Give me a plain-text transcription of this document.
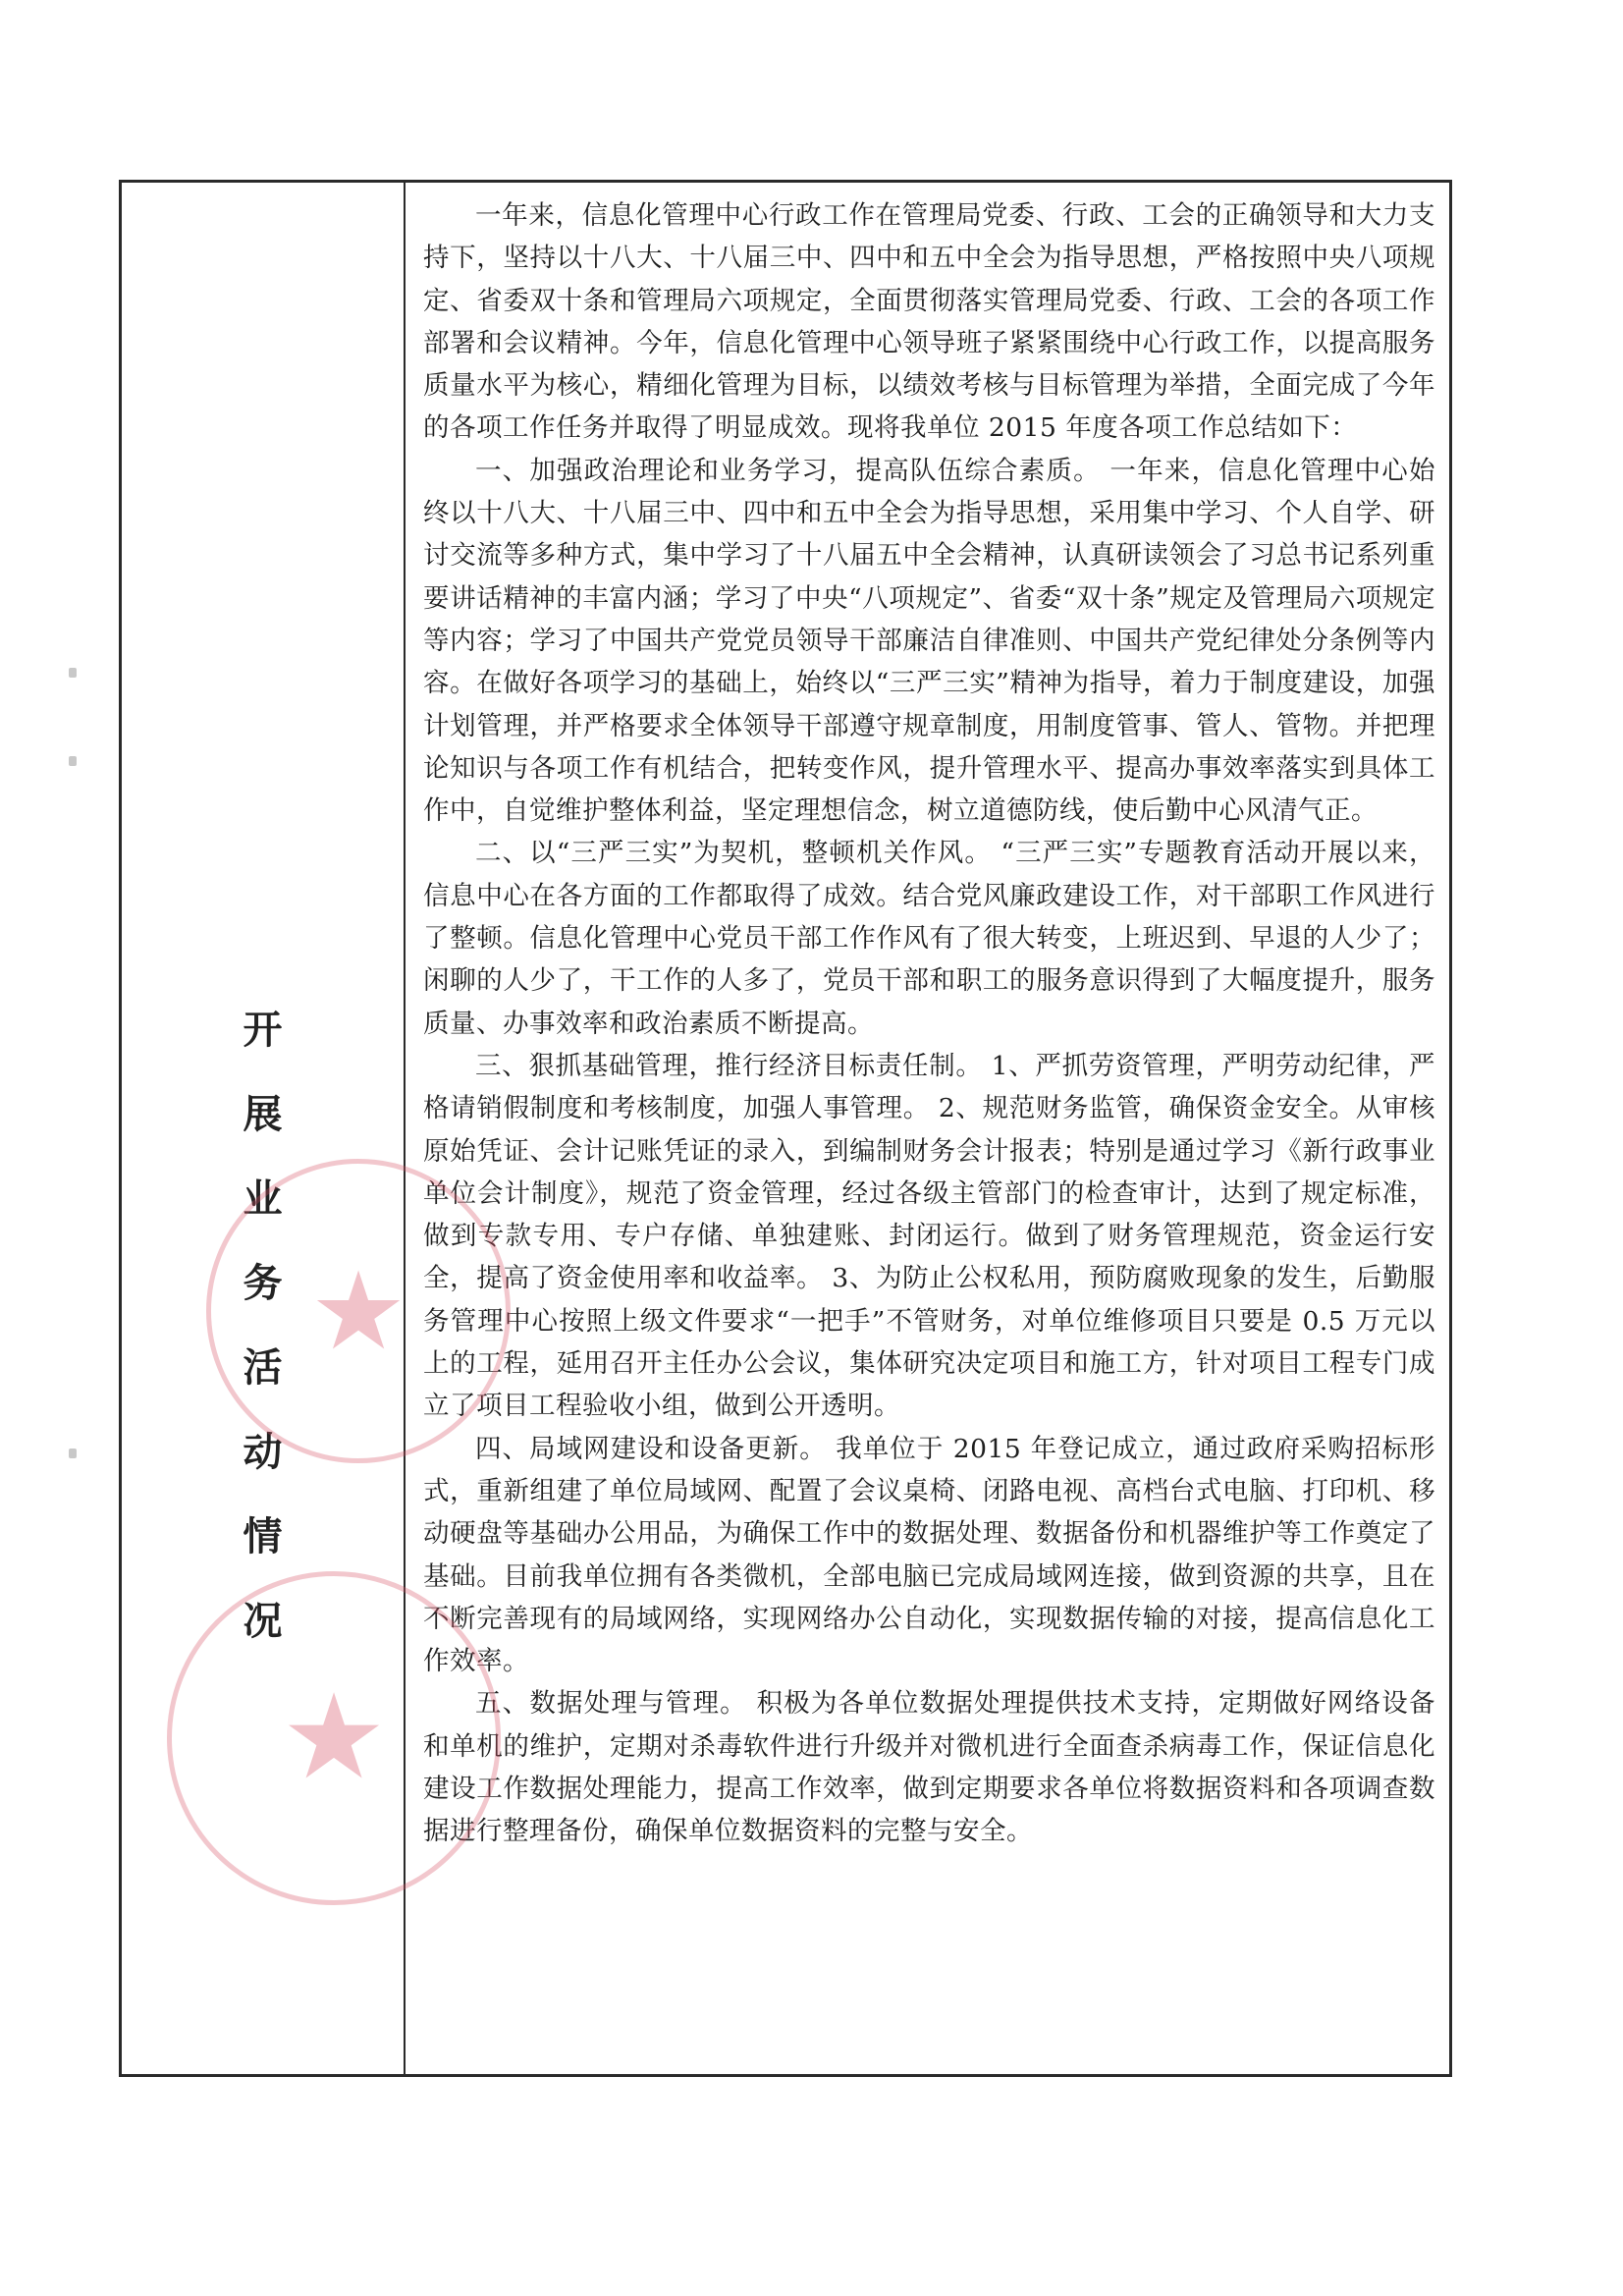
开
展
业
务
活
动
情
况

一年来，信息化管理中心行政工作在管理局党委、行政、工会的正确领导和大力支持下，坚持以十八大、十八届三中、四中和五中全会为指导思想，严格按照中央八项规定、省委双十条和管理局六项规定，全面贯彻落实管理局党委、行政、工会的各项工作部署和会议精神。今年，信息化管理中心领导班子紧紧围绕中心行政工作，以提高服务质量水平为核心，精细化管理为目标，以绩效考核与目标管理为举措，全面完成了今年的各项工作任务并取得了明显成效。现将我单位 2015 年度各项工作总结如下：

一、加强政治理论和业务学习，提高队伍综合素质。 一年来，信息化管理中心始终以十八大、十八届三中、四中和五中全会为指导思想，采用集中学习、个人自学、研讨交流等多种方式，集中学习了十八届五中全会精神，认真研读领会了习总书记系列重要讲话精神的丰富内涵；学习了中央“八项规定”、省委“双十条”规定及管理局六项规定等内容；学习了中国共产党党员领导干部廉洁自律准则、中国共产党纪律处分条例等内容。在做好各项学习的基础上，始终以“三严三实”精神为指导，着力于制度建设，加强计划管理，并严格要求全体领导干部遵守规章制度，用制度管事、管人、管物。并把理论知识与各项工作有机结合，把转变作风，提升管理水平、提高办事效率落实到具体工作中，自觉维护整体利益，坚定理想信念，树立道德防线，使后勤中心风清气正。

二、以“三严三实”为契机，整顿机关作风。 “三严三实”专题教育活动开展以来，信息中心在各方面的工作都取得了成效。结合党风廉政建设工作，对干部职工作风进行了整顿。信息化管理中心党员干部工作作风有了很大转变，上班迟到、早退的人少了；闲聊的人少了，干工作的人多了，党员干部和职工的服务意识得到了大幅度提升，服务质量、办事效率和政治素质不断提高。

三、狠抓基础管理，推行经济目标责任制。 1、严抓劳资管理，严明劳动纪律，严格请销假制度和考核制度，加强人事管理。 2、规范财务监管，确保资金安全。从审核原始凭证、会计记账凭证的录入，到编制财务会计报表；特别是通过学习《新行政事业单位会计制度》，规范了资金管理，经过各级主管部门的检查审计，达到了规定标准，做到专款专用、专户存储、单独建账、封闭运行。做到了财务管理规范，资金运行安全，提高了资金使用率和收益率。 3、为防止公权私用，预防腐败现象的发生，后勤服务管理中心按照上级文件要求“一把手”不管财务，对单位维修项目只要是 0.5 万元以上的工程，延用召开主任办公会议，集体研究决定项目和施工方，针对项目工程专门成立了项目工程验收小组，做到公开透明。

四、局域网建设和设备更新。 我单位于 2015 年登记成立，通过政府采购招标形式，重新组建了单位局域网、配置了会议桌椅、闭路电视、高档台式电脑、打印机、移动硬盘等基础办公用品，为确保工作中的数据处理、数据备份和机器维护等工作奠定了基础。目前我单位拥有各类微机，全部电脑已完成局域网连接，做到资源的共享，且在不断完善现有的局域网络，实现网络办公自动化，实现数据传输的对接，提高信息化工作效率。

五、数据处理与管理。 积极为各单位数据处理提供技术支持，定期做好网络设备和单机的维护，定期对杀毒软件进行升级并对微机进行全面查杀病毒工作，保证信息化建设工作数据处理能力，提高工作效率，做到定期要求各单位将数据资料和各项调查数据进行整理备份，确保单位数据资料的完整与安全。

★
★
